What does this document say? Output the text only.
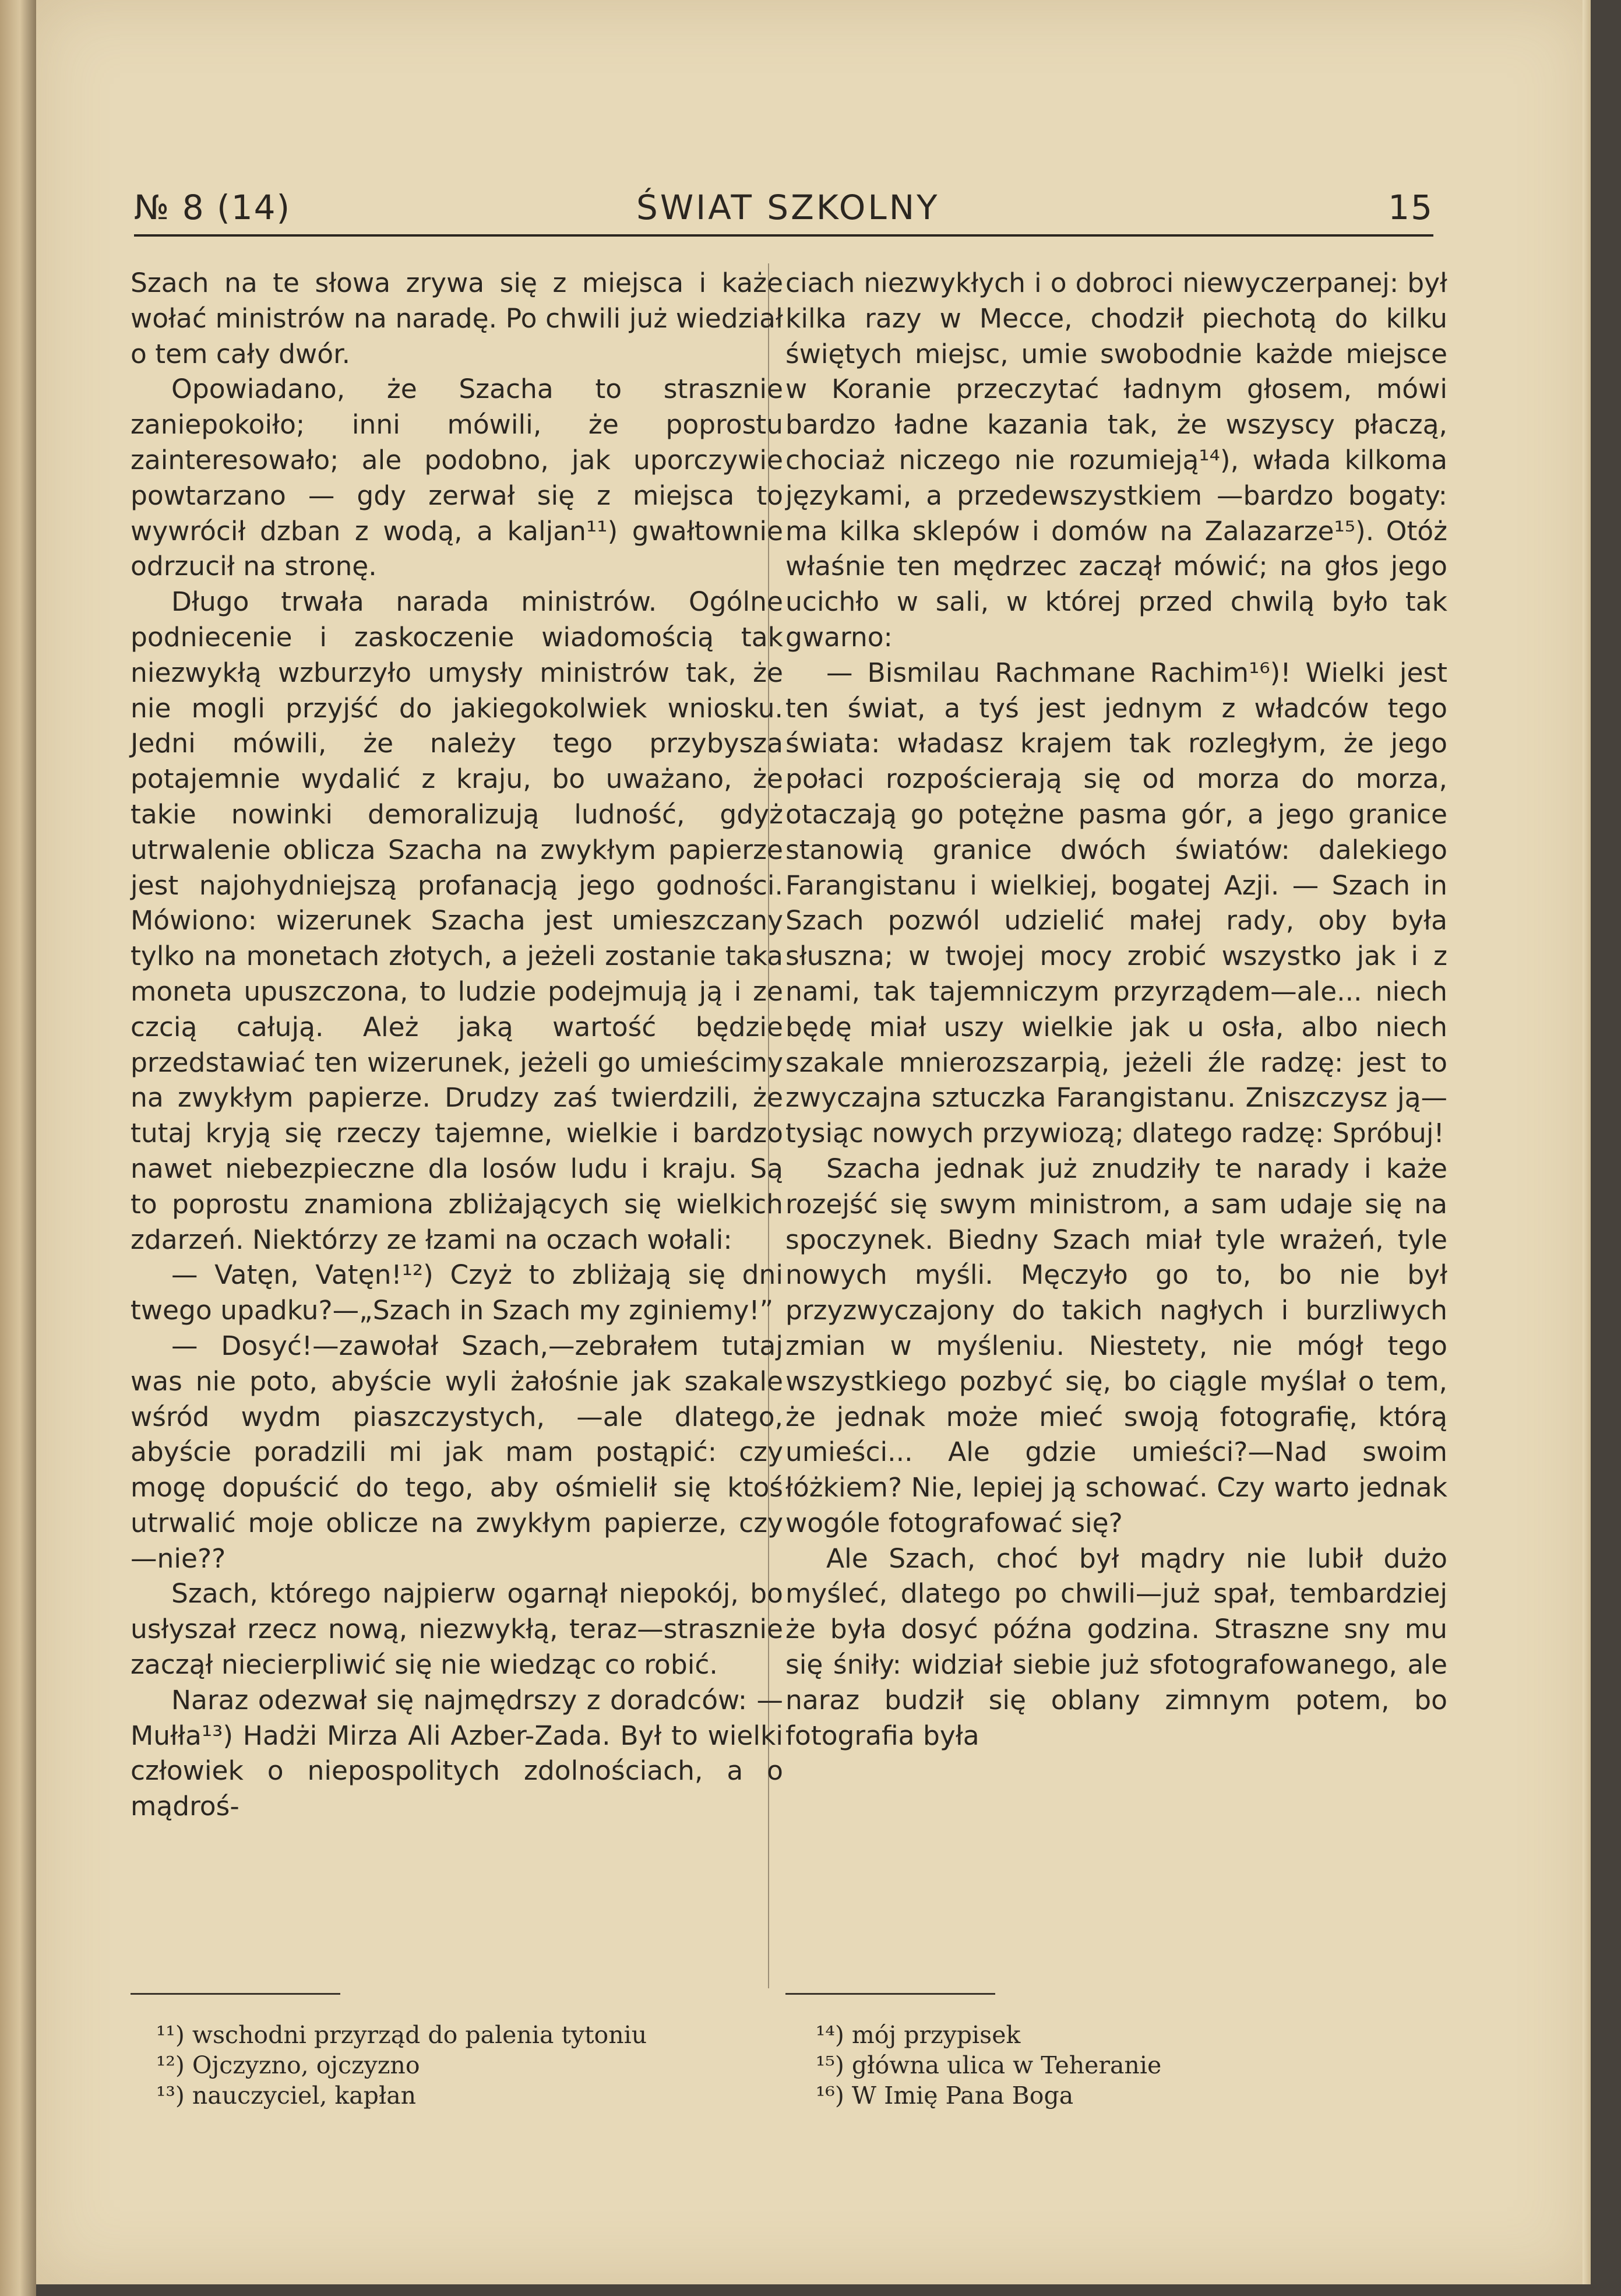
№ 8 (14)	ŚWIAT SZKOLNY	15

Szach na te słowa zrywa się z miejsca i każe wołać ministrów na naradę. Po chwili już wiedział o tem cały dwór.

Opowiadano, że Szacha to strasznie zaniepokoiło; inni mówili, że poprostu zainteresowało; ale podobno, jak uporczywie powtarzano — gdy zerwał się z miejsca to wywrócił dzban z wodą, a kaljan¹¹) gwałtownie odrzucił na stronę.

Długo trwała narada ministrów. Ogólne podniecenie i zaskoczenie wiadomością tak niezwykłą wzburzyło umysły ministrów tak, że nie mogli przyjść do jakiegokolwiek wniosku. Jedni mówili, że należy tego przybysza potajemnie wydalić z kraju, bo uważano, że takie nowinki demoralizują ludność, gdyż utrwalenie oblicza Szacha na zwykłym papierze jest najohydniejszą profanacją jego godności. Mówiono: wizerunek Szacha jest umieszczany tylko na monetach złotych, a jeżeli zostanie taka moneta upuszczona, to ludzie podejmują ją i ze czcią całują. Ależ jaką wartość będzie przedstawiać ten wizerunek, jeżeli go umieścimy na zwykłym papierze. Drudzy zaś twierdzili, że tutaj kryją się rzeczy tajemne, wielkie i bardzo nawet niebezpieczne dla losów ludu i kraju. Są to poprostu znamiona zbliżających się wielkich zdarzeń. Niektórzy ze łzami na oczach wołali:

— Vatęn, Vatęn!¹²) Czyż to zbliżają się dni twego upadku?—„Szach in Szach my zginiemy!”

— Dosyć!—zawołał Szach,—zebrałem tutaj was nie poto, abyście wyli żałośnie jak szakale wśród wydm piaszczystych, —ale dlatego, abyście poradzili mi jak mam postąpić: czy mogę dopuścić do tego, aby ośmielił się ktoś utrwalić moje oblicze na zwykłym papierze, czy—nie??

Szach, którego najpierw ogarnął niepokój, bo usłyszał rzecz nową, niezwykłą, teraz—strasznie zaczął niecierpliwić się nie wiedząc co robić.

Naraz odezwał się najmędrszy z doradców: — Mułła¹³) Hadżi Mirza Ali Azber-Zada. Był to wielki człowiek o niepospolitych zdolnościach, a o mądroś-

ciach niezwykłych i o dobroci niewyczerpanej: był kilka razy w Mecce, chodził piechotą do kilku świętych miejsc, umie swobodnie każde miejsce w Koranie przeczytać ładnym głosem, mówi bardzo ładne kazania tak, że wszyscy płaczą, chociaż niczego nie rozumieją¹⁴), włada kilkoma językami, a przedewszystkiem —bardzo bogaty: ma kilka sklepów i domów na Zalazarze¹⁵). Otóż właśnie ten mędrzec zaczął mówić; na głos jego ucichło w sali, w której przed chwilą było tak gwarno:

— Bismilau Rachmane Rachim¹⁶)! Wielki jest ten świat, a tyś jest jednym z władców tego świata: władasz krajem tak rozległym, że jego połaci rozpościerają się od morza do morza, otaczają go potężne pasma gór, a jego granice stanowią granice dwóch światów: dalekiego Farangistanu i wielkiej, bogatej Azji. — Szach in Szach pozwól udzielić małej rady, oby była słuszna; w twojej mocy zrobić wszystko jak i z nami, tak tajemniczym przyrządem—ale... niech będę miał uszy wielkie jak u osła, albo niech szakale mnierozszarpią, jeżeli źle radzę: jest to zwyczajna sztuczka Farangistanu. Zniszczysz ją—tysiąc nowych przywiozą; dlatego radzę: Spróbuj!

Szacha jednak już znudziły te narady i każe rozejść się swym ministrom, a sam udaje się na spoczynek. Biedny Szach miał tyle wrażeń, tyle nowych myśli. Męczyło go to, bo nie był przyzwyczajony do takich nagłych i burzliwych zmian w myśleniu. Niestety, nie mógł tego wszystkiego pozbyć się, bo ciągle myślał o tem, że jednak może mieć swoją fotografię, którą umieści... Ale gdzie umieści?—Nad swoim łóżkiem? Nie, lepiej ją schować. Czy warto jednak wogóle fotografować się?

Ale Szach, choć był mądry nie lubił dużo myśleć, dlatego po chwili—już spał, tembardziej że była dosyć późna godzina. Straszne sny mu się śniły: widział siebie już sfotografowanego, ale naraz budził się oblany zimnym potem, bo fotografia była

¹¹) wschodni przyrząd do palenia tytoniu
¹²) Ojczyzno, ojczyzno
¹³) nauczyciel, kapłan
¹⁴) mój przypisek
¹⁵) główna ulica w Teheranie
¹⁶) W Imię Pana Boga
